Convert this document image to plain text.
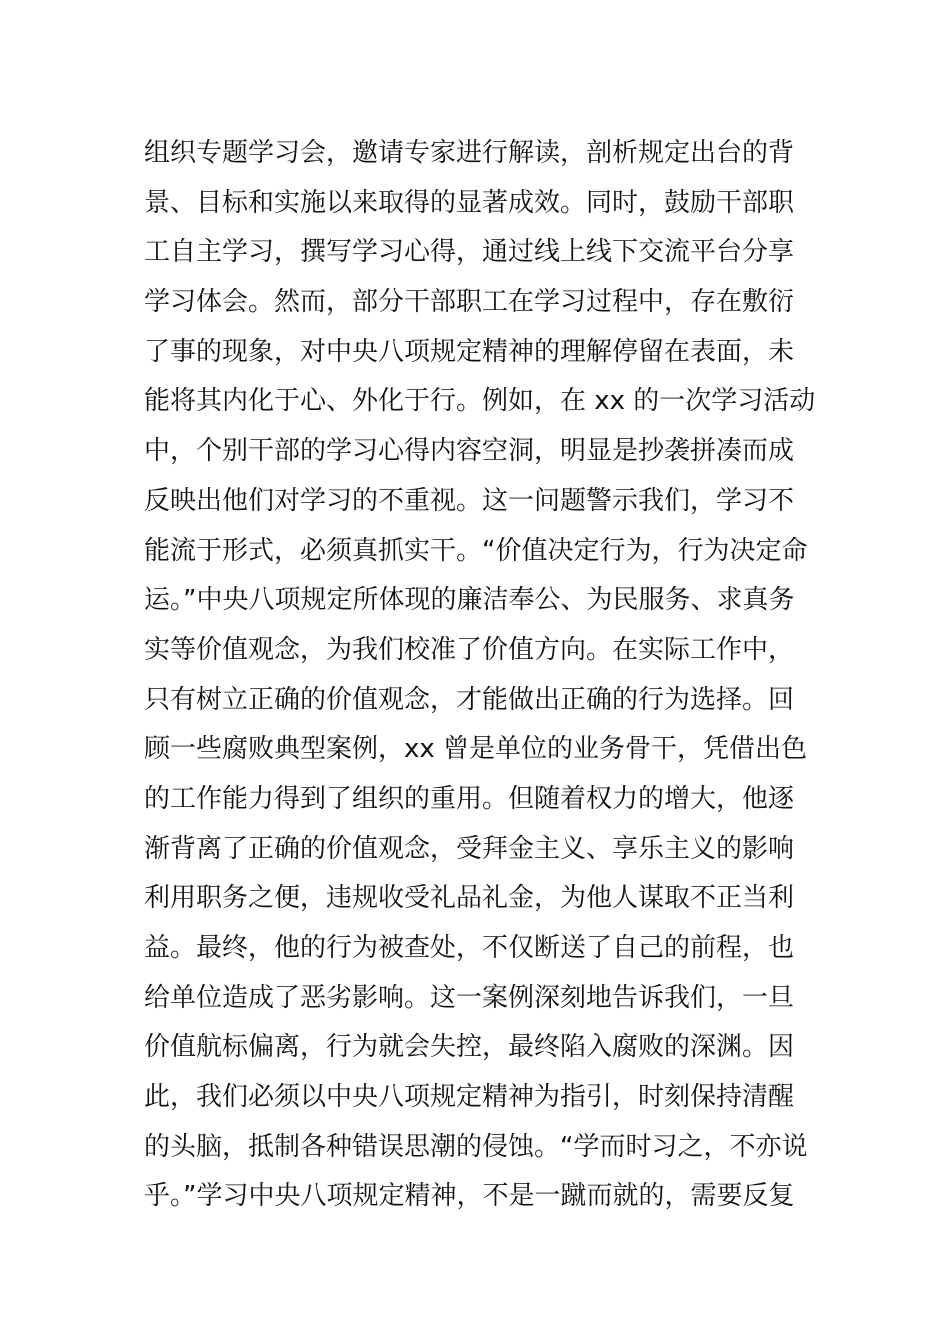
组织专题学习会，邀请专家进行解读，剖析规定出台的背
景、目标和实施以来取得的显著成效。同时，鼓励干部职
工自主学习，撰写学习心得，通过线上线下交流平台分享
学习体会。然而，部分干部职工在学习过程中，存在敷衍
了事的现象，对中央八项规定精神的理解停留在表面，未
能将其内化于心、外化于行。例如，在 xx 的一次学习活动
中，个别干部的学习心得内容空洞，明显是抄袭拼凑而成
反映出他们对学习的不重视。这一问题警示我们，学习不
能流于形式，必须真抓实干。“价值决定行为，行为决定命
运。”中央八项规定所体现的廉洁奉公、为民服务、求真务
实等价值观念，为我们校准了价值方向。在实际工作中，
只有树立正确的价值观念，才能做出正确的行为选择。回
顾一些腐败典型案例，xx 曾是单位的业务骨干，凭借出色
的工作能力得到了组织的重用。但随着权力的增大，他逐
渐背离了正确的价值观念，受拜金主义、享乐主义的影响
利用职务之便，违规收受礼品礼金，为他人谋取不正当利
益。最终，他的行为被查处，不仅断送了自己的前程，也
给单位造成了恶劣影响。这一案例深刻地告诉我们，一旦
价值航标偏离，行为就会失控，最终陷入腐败的深渊。因
此，我们必须以中央八项规定精神为指引，时刻保持清醒
的头脑，抵制各种错误思潮的侵蚀。“学而时习之，不亦说
乎。”学习中央八项规定精神，不是一蹴而就的，需要反复
